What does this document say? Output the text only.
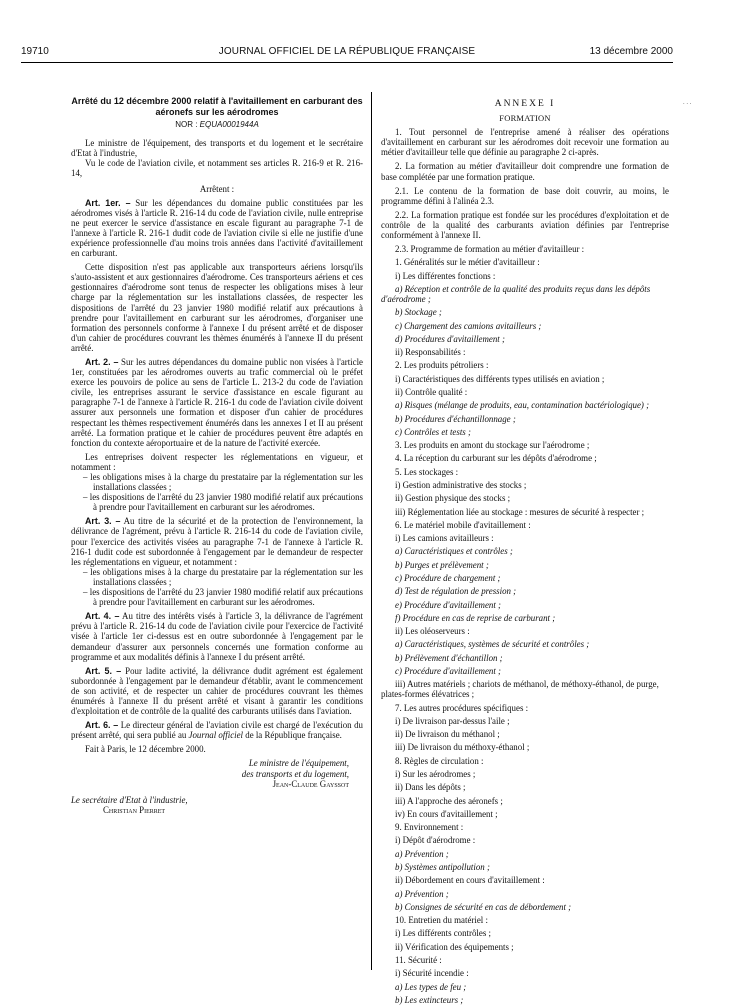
19710	JOURNAL OFFICIEL DE LA RÉPUBLIQUE FRANÇAISE	13 décembre 2000
. . .

Arrêté du 12 décembre 2000 relatif à l'avitaillement en carburant des aéronefs sur les aérodromes

NOR : EQUA0001944A

Le ministre de l'équipement, des transports et du logement et le secrétaire d'Etat à l'industrie,

Vu le code de l'aviation civile, et notamment ses articles R. 216-9 et R. 216-14,

Arrêtent :

Art. 1er. – Sur les dépendances du domaine public constituées par les aérodromes visés à l'article R. 216-14 du code de l'aviation civile, nulle entreprise ne peut exercer le service d'assistance en escale figurant au paragraphe 7-1 de l'annexe à l'article R. 216-1 dudit code de l'aviation civile si elle ne justifie d'une expérience professionnelle d'au moins trois années dans l'activité d'avitaillement en carburant.

Cette disposition n'est pas applicable aux transporteurs aériens lorsqu'ils s'auto-assistent et aux gestionnaires d'aérodrome. Ces transporteurs aériens et ces gestionnaires d'aérodrome sont tenus de respecter les obligations mises à leur charge par la réglementation sur les installations classées, de respecter les dispositions de l'arrêté du 23 janvier 1980 modifié relatif aux précautions à prendre pour l'avitaillement en carburant sur les aérodromes, d'organiser une formation des personnels conforme à l'annexe I du présent arrêté et de disposer d'un cahier de procédures couvrant les thèmes énumérés à l'annexe II du présent arrêté.

Art. 2. – Sur les autres dépendances du domaine public non visées à l'article 1er, constituées par les aérodromes ouverts au trafic commercial où le préfet exerce les pouvoirs de police au sens de l'article L. 213-2 du code de l'aviation civile, les entreprises assurant le service d'assistance en escale figurant au paragraphe 7-1 de l'annexe à l'article R. 216-1 du code de l'aviation civile doivent assurer aux personnels une formation et disposer d'un cahier de procédures respectant les thèmes respectivement énumérés dans les annexes I et II au présent arrêté. La formation pratique et le cahier de procédures peuvent être adaptés en fonction du contexte aéroportuaire et de la nature de l'activité exercée.

Les entreprises doivent respecter les réglementations en vigueur, et notamment :

– les obligations mises à la charge du prestataire par la réglementation sur les installations classées ;
– les dispositions de l'arrêté du 23 janvier 1980 modifié relatif aux précautions à prendre pour l'avitaillement en carburant sur les aérodromes.

Art. 3. – Au titre de la sécurité et de la protection de l'environnement, la délivrance de l'agrément, prévu à l'article R. 216-14 du code de l'aviation civile, pour l'exercice des activités visées au paragraphe 7-1 de l'annexe à l'article R. 216-1 dudit code est subordonnée à l'engagement par le demandeur de respecter les réglementations en vigueur, et notamment :

– les obligations mises à la charge du prestataire par la réglementation sur les installations classées ;
– les dispositions de l'arrêté du 23 janvier 1980 modifié relatif aux précautions à prendre pour l'avitaillement en carburant sur les aérodromes.

Art. 4. – Au titre des intérêts visés à l'article 3, la délivrance de l'agrément prévu à l'article R. 216-14 du code de l'aviation civile pour l'exercice de l'activité visée à l'article 1er ci-dessus est en outre subordonnée à l'engagement par le demandeur d'assurer aux personnels concernés une formation conforme au programme et aux modalités définis à l'annexe I du présent arrêté.

Art. 5. – Pour ladite activité, la délivrance dudit agrément est également subordonnée à l'engagement par le demandeur d'établir, avant le commencement de son activité, et de respecter un cahier de procédures couvrant les thèmes énumérés à l'annexe II du présent arrêté et visant à garantir les conditions d'exploitation et de contrôle de la qualité des carburants utilisés dans l'aviation.

Art. 6. – Le directeur général de l'aviation civile est chargé de l'exécution du présent arrêté, qui sera publié au Journal officiel de la République française.

Fait à Paris, le 12 décembre 2000.

Le ministre de l'équipement,
des transports et du logement,
Jean-Claude Gayssot
Le secrétaire d'Etat à l'industrie,
Christian Pierret

ANNEXE I

FORMATION

1. Tout personnel de l'entreprise amené à réaliser des opérations d'avitaillement en carburant sur les aérodromes doit recevoir une formation au métier d'avitailleur telle que définie au paragraphe 2 ci-après.

2. La formation au métier d'avitailleur doit comprendre une formation de base complétée par une formation pratique.

2.1. Le contenu de la formation de base doit couvrir, au moins, le programme défini à l'alinéa 2.3.

2.2. La formation pratique est fondée sur les procédures d'exploitation et de contrôle de la qualité des carburants aviation définies par l'entreprise conformément à l'annexe II.

2.3. Programme de formation au métier d'avitailleur :

1. Généralités sur le métier d'avitailleur :

i) Les différentes fonctions :

a) Réception et contrôle de la qualité des produits reçus dans les dépôts d'aérodrome ;

b) Stockage ;

c) Chargement des camions avitailleurs ;

d) Procédures d'avitaillement ;

ii) Responsabilités :

2. Les produits pétroliers :

i) Caractéristiques des différents types utilisés en aviation ;

ii) Contrôle qualité :

a) Risques (mélange de produits, eau, contamination bactériologique) ;

b) Procédures d'échantillonnage ;

c) Contrôles et tests ;

3. Les produits en amont du stockage sur l'aérodrome ;

4. La réception du carburant sur les dépôts d'aérodrome ;

5. Les stockages :

i) Gestion administrative des stocks ;

ii) Gestion physique des stocks ;

iii) Réglementation liée au stockage : mesures de sécurité à respecter ;

6. Le matériel mobile d'avitaillement :

i) Les camions avitailleurs :

a) Caractéristiques et contrôles ;

b) Purges et prélèvement ;

c) Procédure de chargement ;

d) Test de régulation de pression ;

e) Procédure d'avitaillement ;

f) Procédure en cas de reprise de carburant ;

ii) Les oléoserveurs :

a) Caractéristiques, systèmes de sécurité et contrôles ;

b) Prélèvement d'échantillon ;

c) Procédure d'avitaillement ;

iii) Autres matériels ; chariots de méthanol, de méthoxy-éthanol, de purge, plates-formes élévatrices ;

7. Les autres procédures spécifiques :

i) De livraison par-dessus l'aile ;

ii) De livraison du méthanol ;

iii) De livraison du méthoxy-éthanol ;

8. Règles de circulation :

i) Sur les aérodromes ;

ii) Dans les dépôts ;

iii) A l'approche des aéronefs ;

iv) En cours d'avitaillement ;

9. Environnement :

i) Dépôt d'aérodrome :

a) Prévention ;

b) Systèmes antipollution ;

ii) Débordement en cours d'avitaillement :

a) Prévention ;

b) Consignes de sécurité en cas de débordement ;

10. Entretien du matériel :

i) Les différents contrôles ;

ii) Vérification des équipements ;

11. Sécurité :

i) Sécurité incendie :

a) Les types de feu ;

b) Les extincteurs ;
